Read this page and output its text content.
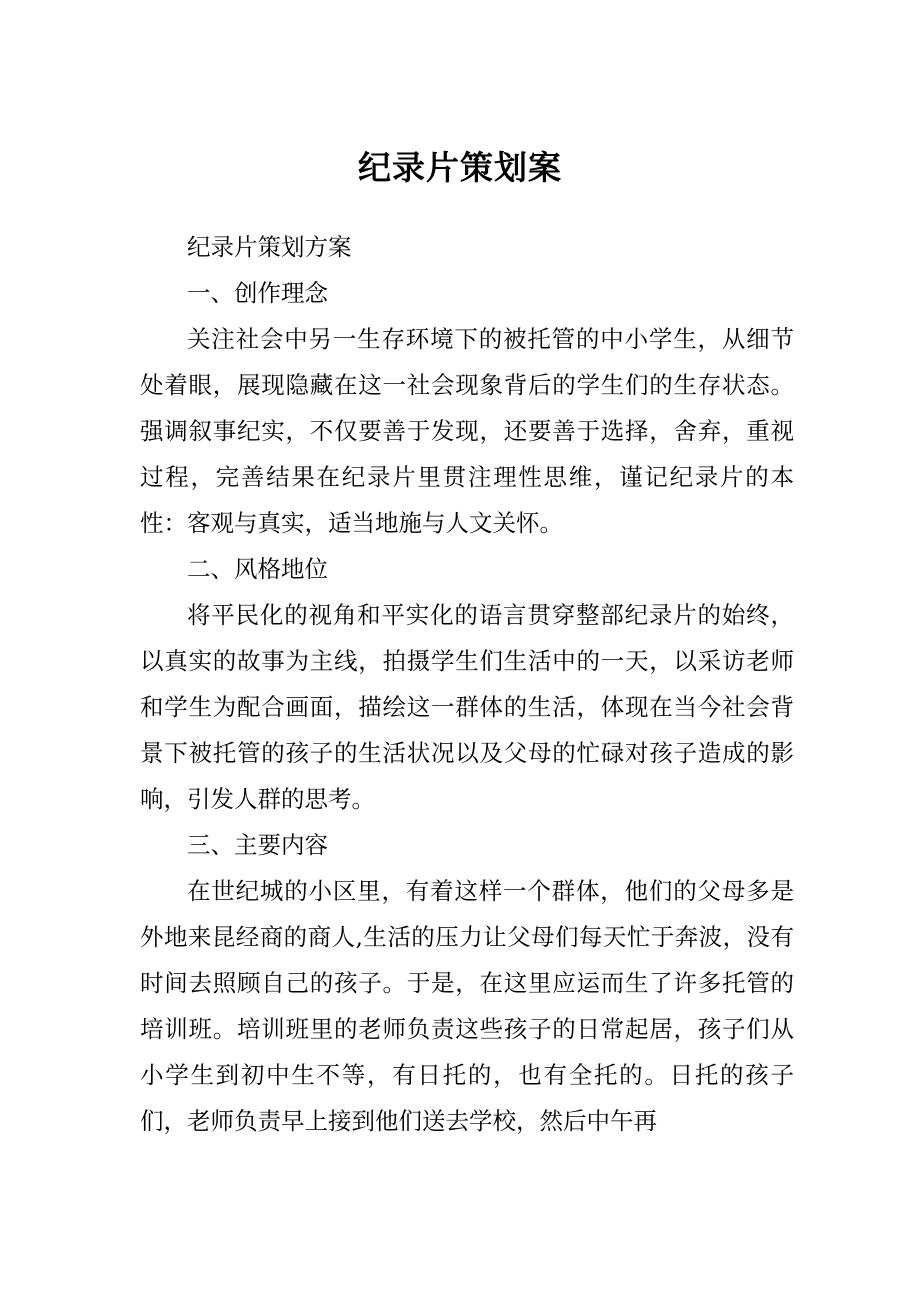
纪录片策划案

纪录片策划方案

一、创作理念

关注社会中另一生存环境下的被托管的中小学生，从细节处着眼，展现隐藏在这一社会现象背后的学生们的生存状态。强调叙事纪实，不仅要善于发现，还要善于选择，舍弃，重视过程，完善结果在纪录片里贯注理性思维，谨记纪录片的本性：客观与真实，适当地施与人文关怀。

二、风格地位

将平民化的视角和平实化的语言贯穿整部纪录片的始终，以真实的故事为主线，拍摄学生们生活中的一天，以采访老师和学生为配合画面，描绘这一群体的生活，体现在当今社会背景下被托管的孩子的生活状况以及父母的忙碌对孩子造成的影响，引发人群的思考。

三、主要内容

在世纪城的小区里，有着这样一个群体，他们的父母多是外地来昆经商的商人,生活的压力让父母们每天忙于奔波，没有时间去照顾自己的孩子。于是，在这里应运而生了许多托管的培训班。培训班里的老师负责这些孩子的日常起居，孩子们从小学生到初中生不等，有日托的，也有全托的。日托的孩子们，老师负责早上接到他们送去学校，然后中午再
